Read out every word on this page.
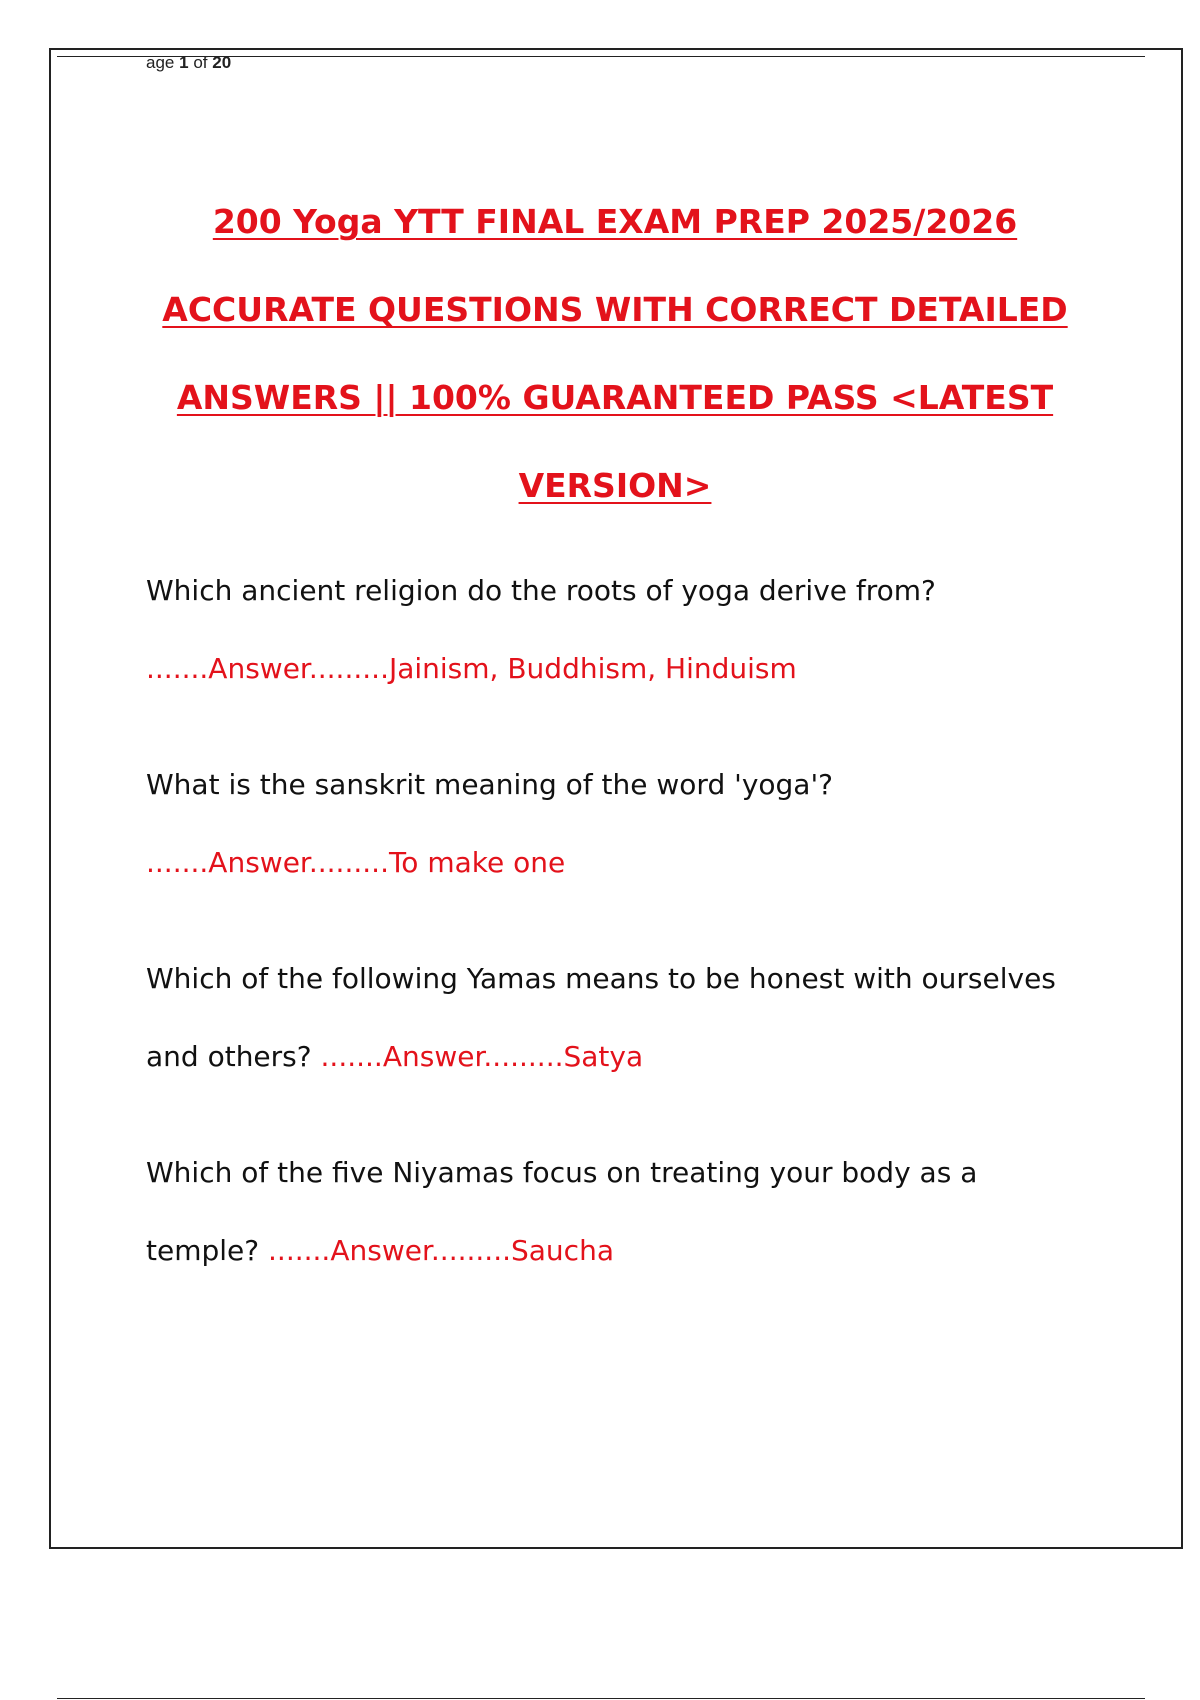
age 1 of 20
200 Yoga YTT FINAL EXAM PREP 2025/2026
ACCURATE QUESTIONS WITH CORRECT DETAILED
ANSWERS || 100% GUARANTEED PASS <LATEST
VERSION>
Which ancient religion do the roots of yoga derive from?
.......Answer.........Jainism, Buddhism, Hinduism
What is the sanskrit meaning of the word 'yoga'?
.......Answer.........To make one
Which of the following Yamas means to be honest with ourselves
and others? .......Answer.........Satya
Which of the five Niyamas focus on treating your body as a
temple? .......Answer.........Saucha
